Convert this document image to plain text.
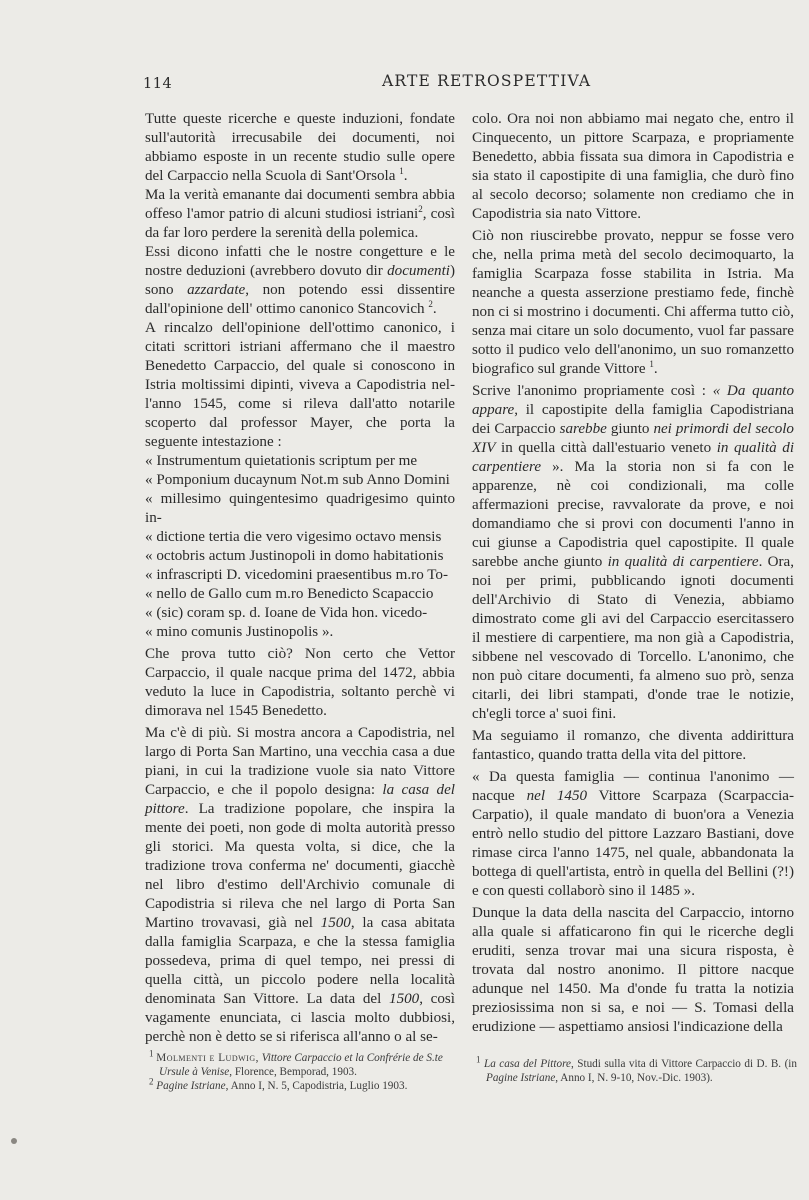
114	ARTE RETROSPETTIVA

Tutte queste ricerche e queste induzioni, fondate sull'autorità irrecusabile dei documenti, noi abbiamo esposte in un recente studio sulle opere del Carpaccio nella Scuola di Sant'Orsola $^1$.

Ma la verità emanante dai documenti sembra abbia offeso l'amor patrio di alcuni studiosi istriani$^2$, così da far loro perdere la serenità della polemica.

Essi dicono infatti che le nostre congetture e le nostre deduzioni (avrebbero dovuto dir documenti) sono azzardate, non potendo essi dissentire dall'opinione dell' ottimo canonico Stancovich $^2$.

A rincalzo dell'opinione dell'ottimo canonico, i citati scrittori istriani affermano che il maestro Benedetto Carpaccio, del quale si conoscono in Istria moltissimi dipinti, viveva a Capodistria nel-l'anno 1545, come si rileva dall'atto notarile scoperto dal professor Mayer, che porta la seguente intestazione :

« Instrumentum quietationis scriptum per me

« Pomponium ducaynum Not.m sub Anno Domini

« millesimo quingentesimo quadrigesimo quinto in-

« dictione tertia die vero vigesimo octavo mensis

« octobris actum Justinopoli in domo habitationis

« infrascripti D. vicedomini praesentibus m.ro To-

« nello de Gallo cum m.ro Benedicto Scapaccio

« (sic) coram sp. d. Ioane de Vida hon. vicedo-

« mino comunis Justinopolis ».

Che prova tutto ciò? Non certo che Vettor Carpaccio, il quale nacque prima del 1472, abbia veduto la luce in Capodistria, soltanto perchè vi dimorava nel 1545 Benedetto.

Ma c'è di più. Si mostra ancora a Capodistria, nel largo di Porta San Martino, una vecchia casa a due piani, in cui la tradizione vuole sia nato Vittore Carpaccio, e che il popolo designa: la casa del pittore. La tradizione popolare, che inspira la mente dei poeti, non gode di molta autorità presso gli storici. Ma questa volta, si dice, che la tradizione trova conferma ne' documenti, giacchè nel libro d'estimo dell'Archivio comunale di Capodistria si rileva che nel largo di Porta San Martino trovavasi, già nel 1500, la casa abitata dalla famiglia Scarpaza, e che la stessa famiglia possedeva, prima di quel tempo, nei pressi di quella città, un piccolo podere nella località denominata San Vittore. La data del 1500, così vagamente enunciata, ci lascia molto dubbiosi, perchè non è detto se si riferisca all'anno o al se-

$^1$ Molmenti e Ludwig, Vittore Carpaccio et la Confrérie de S.te Ursule à Venise, Florence, Bemporad, 1903.

$^2$ Pagine Istriane, Anno I, N. 5, Capodistria, Luglio 1903.

colo. Ora noi non abbiamo mai negato che, entro il Cinquecento, un pittore Scarpaza, e propriamente Benedetto, abbia fissata sua dimora in Capodistria e sia stato il capostipite di una famiglia, che durò fino al secolo decorso; solamente non crediamo che in Capodistria sia nato Vittore.

Ciò non riuscirebbe provato, neppur se fosse vero che, nella prima metà del secolo decimoquarto, la famiglia Scarpaza fosse stabilita in Istria. Ma neanche a questa asserzione prestiamo fede, finchè non ci si mostrino i documenti. Chi afferma tutto ciò, senza mai citare un solo documento, vuol far passare sotto il pudico velo dell'anonimo, un suo romanzetto biografico sul grande Vittore $^1$.

Scrive l'anonimo propriamente così : « Da quanto appare, il capostipite della famiglia Capodistriana dei Carpaccio sarebbe giunto nei primordi del secolo XIV in quella città dall'estuario veneto in qualità di carpentiere ». Ma la storia non si fa con le apparenze, nè coi condizionali, ma colle affermazioni precise, ravvalorate da prove, e noi domandiamo che si provi con documenti l'anno in cui giunse a Capodistria quel capostipite. Il quale sarebbe anche giunto in qualità di carpentiere. Ora, noi per primi, pubblicando ignoti documenti dell'Archivio di Stato di Venezia, abbiamo dimostrato come gli avi del Carpaccio esercitassero il mestiere di carpentiere, ma non già a Capodistria, sibbene nel vescovado di Torcello. L'anonimo, che non può citare documenti, fa almeno suo prò, senza citarli, dei libri stampati, d'onde trae le notizie, ch'egli torce a' suoi fini.

Ma seguiamo il romanzo, che diventa addirittura fantastico, quando tratta della vita del pittore.

« Da questa famiglia — continua l'anonimo — nacque nel 1450 Vittore Scarpaza (Scarpaccia-Carpatio), il quale mandato di buon'ora a Venezia entrò nello studio del pittore Lazzaro Bastiani, dove rimase circa l'anno 1475, nel quale, abbandonata la bottega di quell'artista, entrò in quella del Bellini (?!) e con questi collaborò sino il 1485 ».

Dunque la data della nascita del Carpaccio, intorno alla quale si affaticarono fin qui le ricerche degli eruditi, senza trovar mai una sicura risposta, è trovata dal nostro anonimo. Il pittore nacque adunque nel 1450. Ma d'onde fu tratta la notizia preziosissima non si sa, e noi — S. Tomasi della erudizione — aspettiamo ansiosi l'indicazione della

$^1$ La casa del Pittore, Studi sulla vita di Vittore Carpaccio di D. B. (in Pagine Istriane, Anno I, N. 9-10, Nov.-Dic. 1903).
